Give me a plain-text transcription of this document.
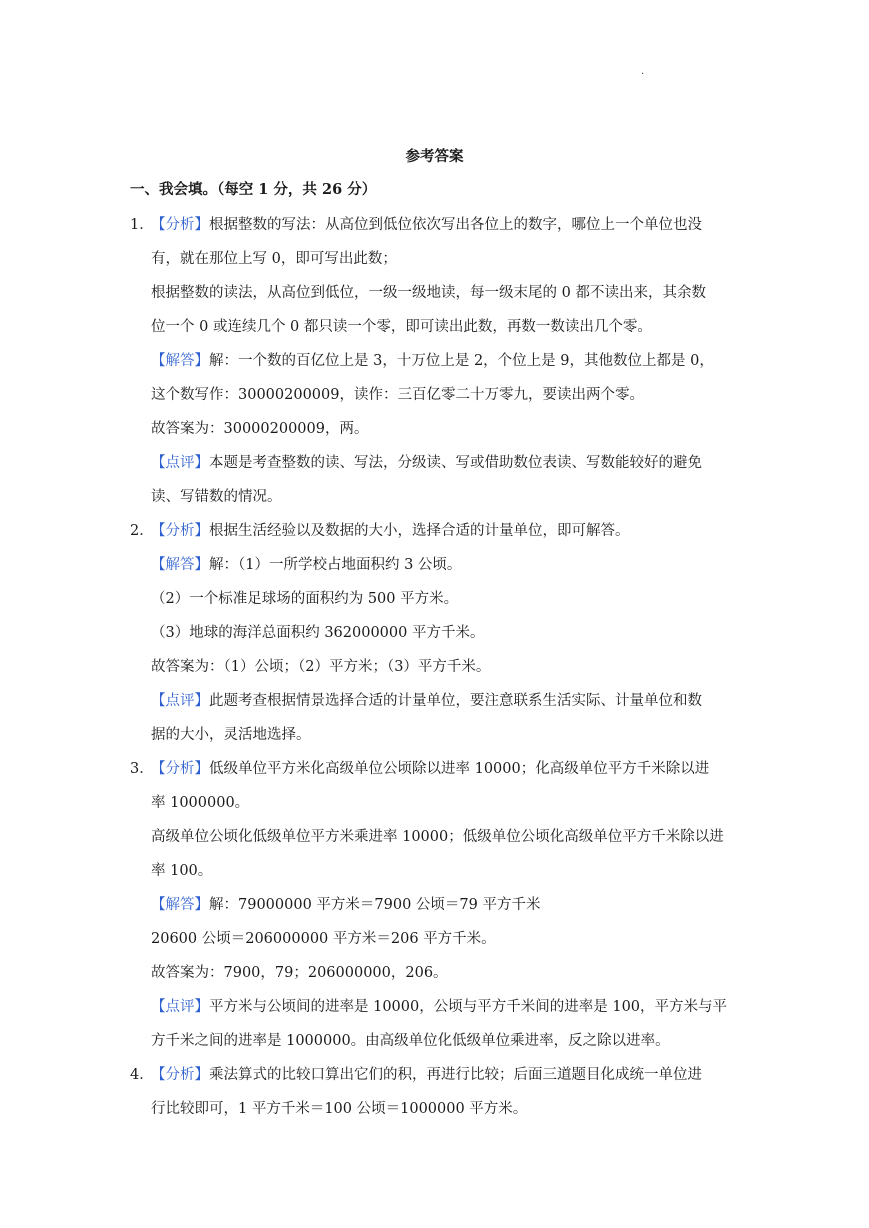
.
参考答案
一、我会填。（每空 1 分，共 26 分）
1．
【分析】根据整数的写法：从高位到低位依次写出各位上的数字，哪位上一个单位也没
有，就在那位上写 0，即可写出此数；
根据整数的读法，从高位到低位，一级一级地读，每一级末尾的 0 都不读出来，其余数
位一个 0 或连续几个 0 都只读一个零，即可读出此数，再数一数读出几个零。
【解答】解：一个数的百亿位上是 3，十万位上是 2，个位上是 9，其他数位上都是 0，
这个数写作：30000200009，读作：三百亿零二十万零九，要读出两个零。
故答案为：30000200009，两。
【点评】本题是考查整数的读、写法，分级读、写或借助数位表读、写数能较好的避免
读、写错数的情况。
2．
【分析】根据生活经验以及数据的大小，选择合适的计量单位，即可解答。
【解答】解：（1）一所学校占地面积约 3 公顷。
（2）一个标准足球场的面积约为 500 平方米。
（3）地球的海洋总面积约 362000000 平方千米。
故答案为：（1）公顷；（2）平方米；（3）平方千米。
【点评】此题考查根据情景选择合适的计量单位，要注意联系生活实际、计量单位和数
据的大小，灵活地选择。
3．
【分析】低级单位平方米化高级单位公顷除以进率 10000；化高级单位平方千米除以进
率 1000000。
高级单位公顷化低级单位平方米乘进率 10000；低级单位公顷化高级单位平方千米除以进
率 100。
【解答】解：79000000 平方米＝7900 公顷＝79 平方千米
20600 公顷＝206000000 平方米＝206 平方千米。
故答案为：7900，79；206000000，206。
【点评】平方米与公顷间的进率是 10000，公顷与平方千米间的进率是 100，平方米与平
方千米之间的进率是 1000000。由高级单位化低级单位乘进率，反之除以进率。
4．
【分析】乘法算式的比较口算出它们的积，再进行比较；后面三道题目化成统一单位进
行比较即可，1 平方千米＝100 公顷＝1000000 平方米。
